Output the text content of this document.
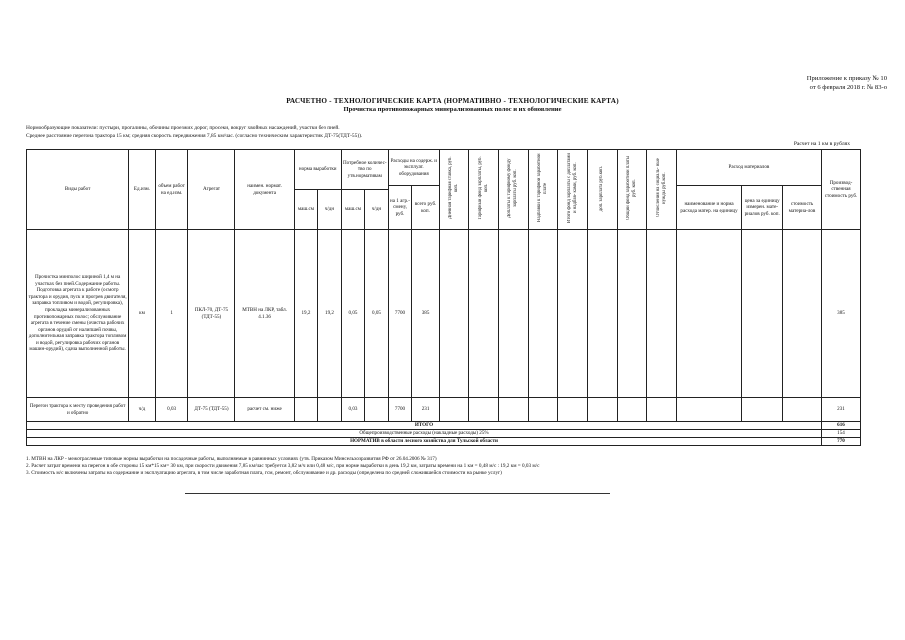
Приложение к приказу № 10
от 6 февраля 2018 г. № 83-о
РАСЧЕТНО - ТЕХНОЛОГИЧЕСКИЕ КАРТА (НОРМАТИВНО - ТЕХНОЛОГИЧЕСКИЕ КАРТА)
Прочистка противопожарных минерализованных полос и их обновление
Нормообразующие показатели: пустыри, прогалины, обочины проезжих дорог, просеки, вокруг хвойных насаждений, участки без пней.
Среднее расстояние перегона трактора 15 км; средняя скорость передвижения 7,85 км/час. (согласно техническим характеристик ДТ-75(ТДТ-55)).
Расчет на 1 км в рублях
Виды работ	Ед.изм.	объем работ на ед.изм.	Агрегат	наимен. нормат. документа	норма выработки		Потребное количес- тво по утв.нормативам		Расходы на содерж. и эксплуат. оборудования		Дневная тарифная ставка, руб. коп.	Тарифный фонд зарплаты, руб. коп.	Доплаты к тарифному фонду зарплаты руб. коп.	Надбавки к тарифной заработной плате	Итого фонд зарплаты с доплатами и надбав- ками, руб. коп.	доп. зарплата руб.коп.	Общий фонд заработной платы руб. коп.	Отчисления на социаль- ные нужды руб.коп.	Расход материалов			Производ- ственная стоимость руб.
									на 1 агр.- смену, руб.	всего руб. коп.									наименование и норма расхода матер. на единицу	цена за единицу измерен. мате- риалов руб. коп.	стоимость материа-лов	
					маш.см	ч/дн	маш.см	ч/дн														
Прочистка минполос шириной 1,4 м на участках без пней.Содержание работы. Подготовка агрегата к работе (осмотр трактора и орудия, пуск и прогрев двигателя, заправка топливом и водой, регулировка), прокладка минерализованных противопожарных полос; обслуживание агрегата в течение смены (очистка рабочих органов орудий от налипшей почвы, дополнительная заправка трактора топливом и водой, регулировка рабочих органов машин-орудий), сдача выполненной работы.	км	1	ПКЛ-70, ДТ-75 (ТДТ-55)	МТВН на ЛКР, табл. 4.1.36	19,2	19,2	0,05	0,05	7700	385												385
Перегон трактора к месту проведения работ и обратно	ч/д	0,03	ДТ-75 (ТДТ-55)	расчет см. ниже			0,03		7700	231												231
ИТОГО																						616
Общепроизводственные расходы (накладные расходы) 25%																						154
НОРМАТИВ в области лесного хозяйства для Тульской области																						770
1. МТВН на ЛКР - межотраслевые типовые нормы выработки на посадочные работы, выполняемые в равнинных условиях (утв. Приказом Минсельхозразвития РФ от 26.04.2006 № 317)
2. Расчет затрат времени на перегон в обе стороны 15 км*15 км= 30 км, при скорости движения 7,85 км/час требуется 3,82 м/ч или 0,48 м/с, при норме выработки в день 19,2 км, затраты времени на 1 км = 0,48 м/с : 19,2 км = 0,03 м/с
3. Стоимость м/с включены затраты на содержание и эксплуатацию агрегата, в том числе заработная плата, гсм, ремонт, обслуживание и др. расходы (определена по средней сложившейся стоимости на рынке услуг)
